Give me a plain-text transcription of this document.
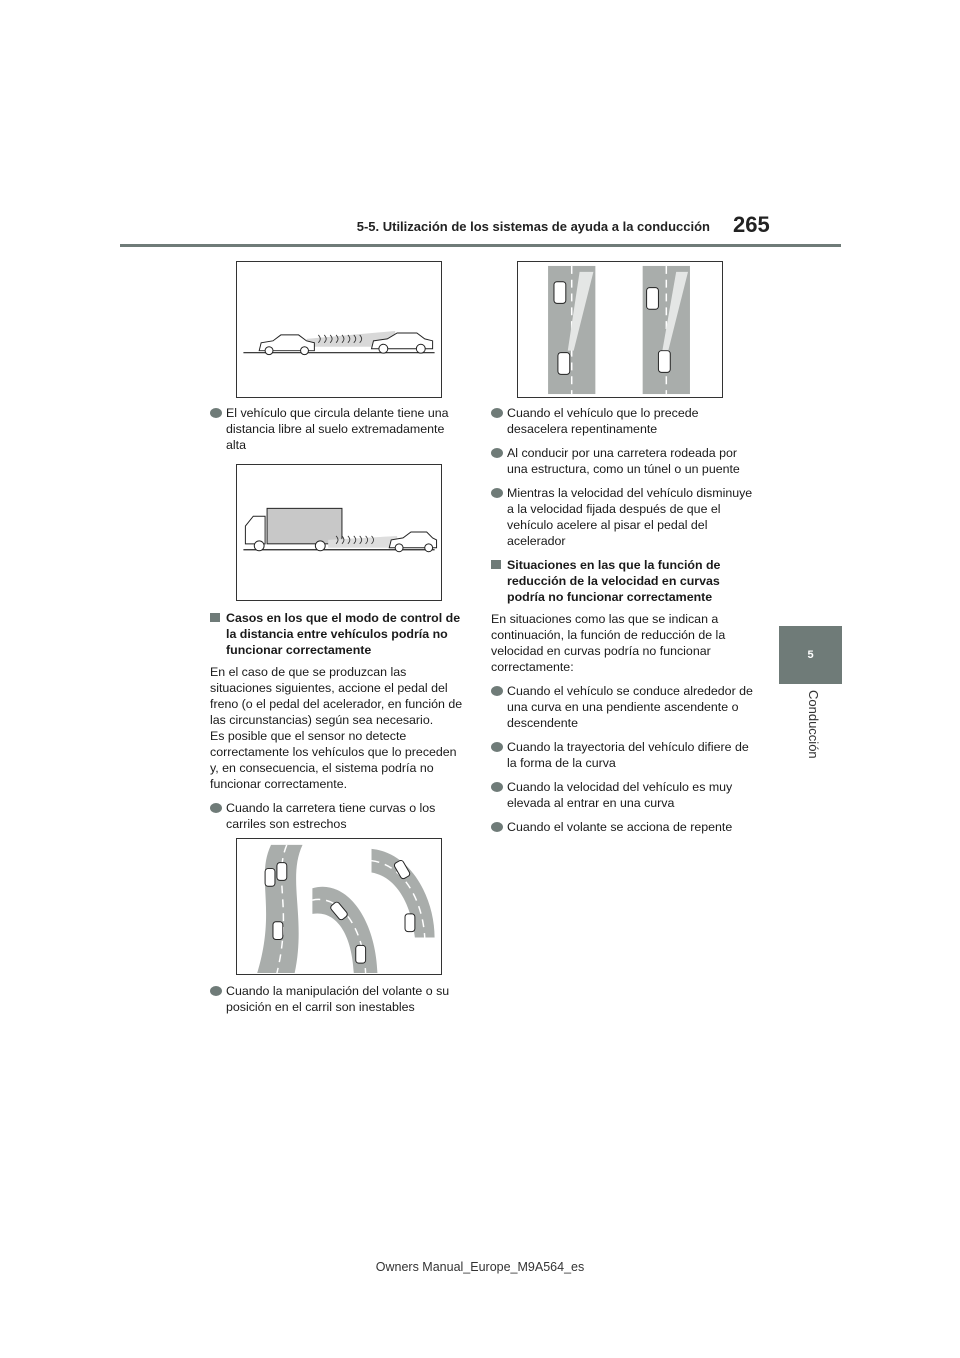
5-5. Utilización de los sistemas de ayuda a la conducción 265
5
Conducción
El vehículo que circula delante tiene una distancia libre al suelo extremadamente alta
Casos en los que el modo de control de la distancia entre vehículos podría no funcionar correctamente
En el caso de que se produzcan las situaciones siguientes, accione el pedal del freno (o el pedal del acelerador, en función de las circunstancias) según sea necesario.
Es posible que el sensor no detecte correctamente los vehículos que lo preceden y, en consecuencia, el sistema podría no funcionar correctamente.
Cuando la carretera tiene curvas o los carriles son estrechos
Cuando la manipulación del volante o su posición en el carril son inestables
Cuando el vehículo que lo precede desacelera repentinamente
Al conducir por una carretera rodeada por una estructura, como un túnel o un puente
Mientras la velocidad del vehículo disminuye a la velocidad fijada después de que el vehículo acelere al pisar el pedal del acelerador
Situaciones en las que la función de reducción de la velocidad en curvas podría no funcionar correctamente
En situaciones como las que se indican a continuación, la función de reducción de la velocidad en curvas podría no funcionar correctamente:
Cuando el vehículo se conduce alrededor de una curva en una pendiente ascendente o descendente
Cuando la trayectoria del vehículo difiere de la forma de la curva
Cuando la velocidad del vehículo es muy elevada al entrar en una curva
Cuando el volante se acciona de repente
Owners Manual_Europe_M9A564_es
